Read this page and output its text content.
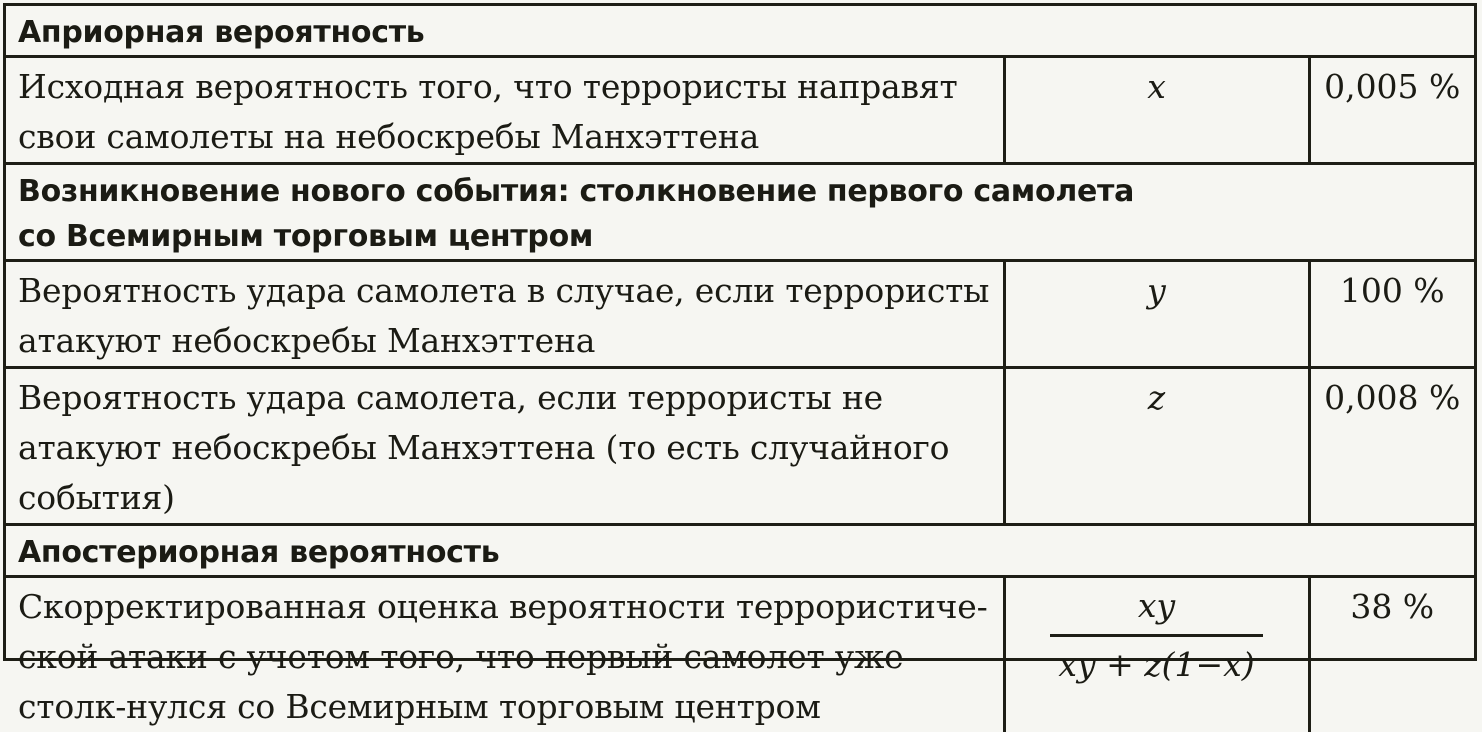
Априорная вероятность		
Исходная вероятность того, что террористы направят свои самолеты на небоскребы Манхэттена	x	0,005 %
Возникновение нового события: столкновение первого самолета со Всемирным торговым центром		
Вероятность удара самолета в случае, если террористы атакуют небоскребы Манхэттена	y	100 %
Вероятность удара самолета, если террористы не атакуют небоскребы Манхэттена (то есть случайного события)	z	0,008 %
Апостериорная вероятность		
Скорректированная оценка вероятности террористиче-ской атаки с учетом того, что первый самолет уже столк-нулся со Всемирным торговым центром	$\frac{xy}{xy + z(1-x)}$	38 %
